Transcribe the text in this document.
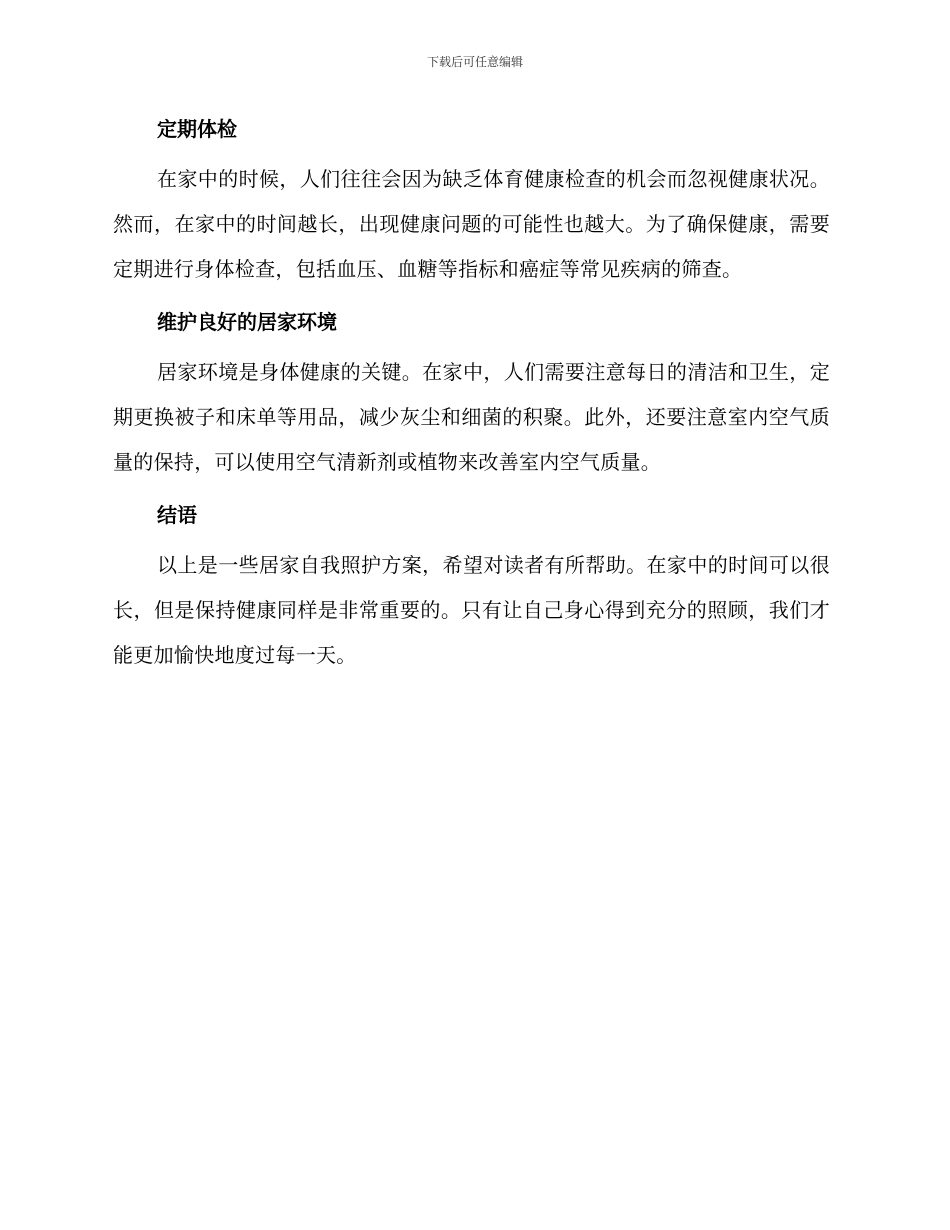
下载后可任意编辑
定期体检

在家中的时候，人们往往会因为缺乏体育健康检查的机会而忽视健康状况。然而，在家中的时间越长，出现健康问题的可能性也越大。为了确保健康，需要定期进行身体检查，包括血压、血糖等指标和癌症等常见疾病的筛查。

维护良好的居家环境

居家环境是身体健康的关键。在家中，人们需要注意每日的清洁和卫生，定期更换被子和床单等用品，减少灰尘和细菌的积聚。此外，还要注意室内空气质量的保持，可以使用空气清新剂或植物来改善室内空气质量。

结语

以上是一些居家自我照护方案，希望对读者有所帮助。在家中的时间可以很长，但是保持健康同样是非常重要的。只有让自己身心得到充分的照顾，我们才能更加愉快地度过每一天。
